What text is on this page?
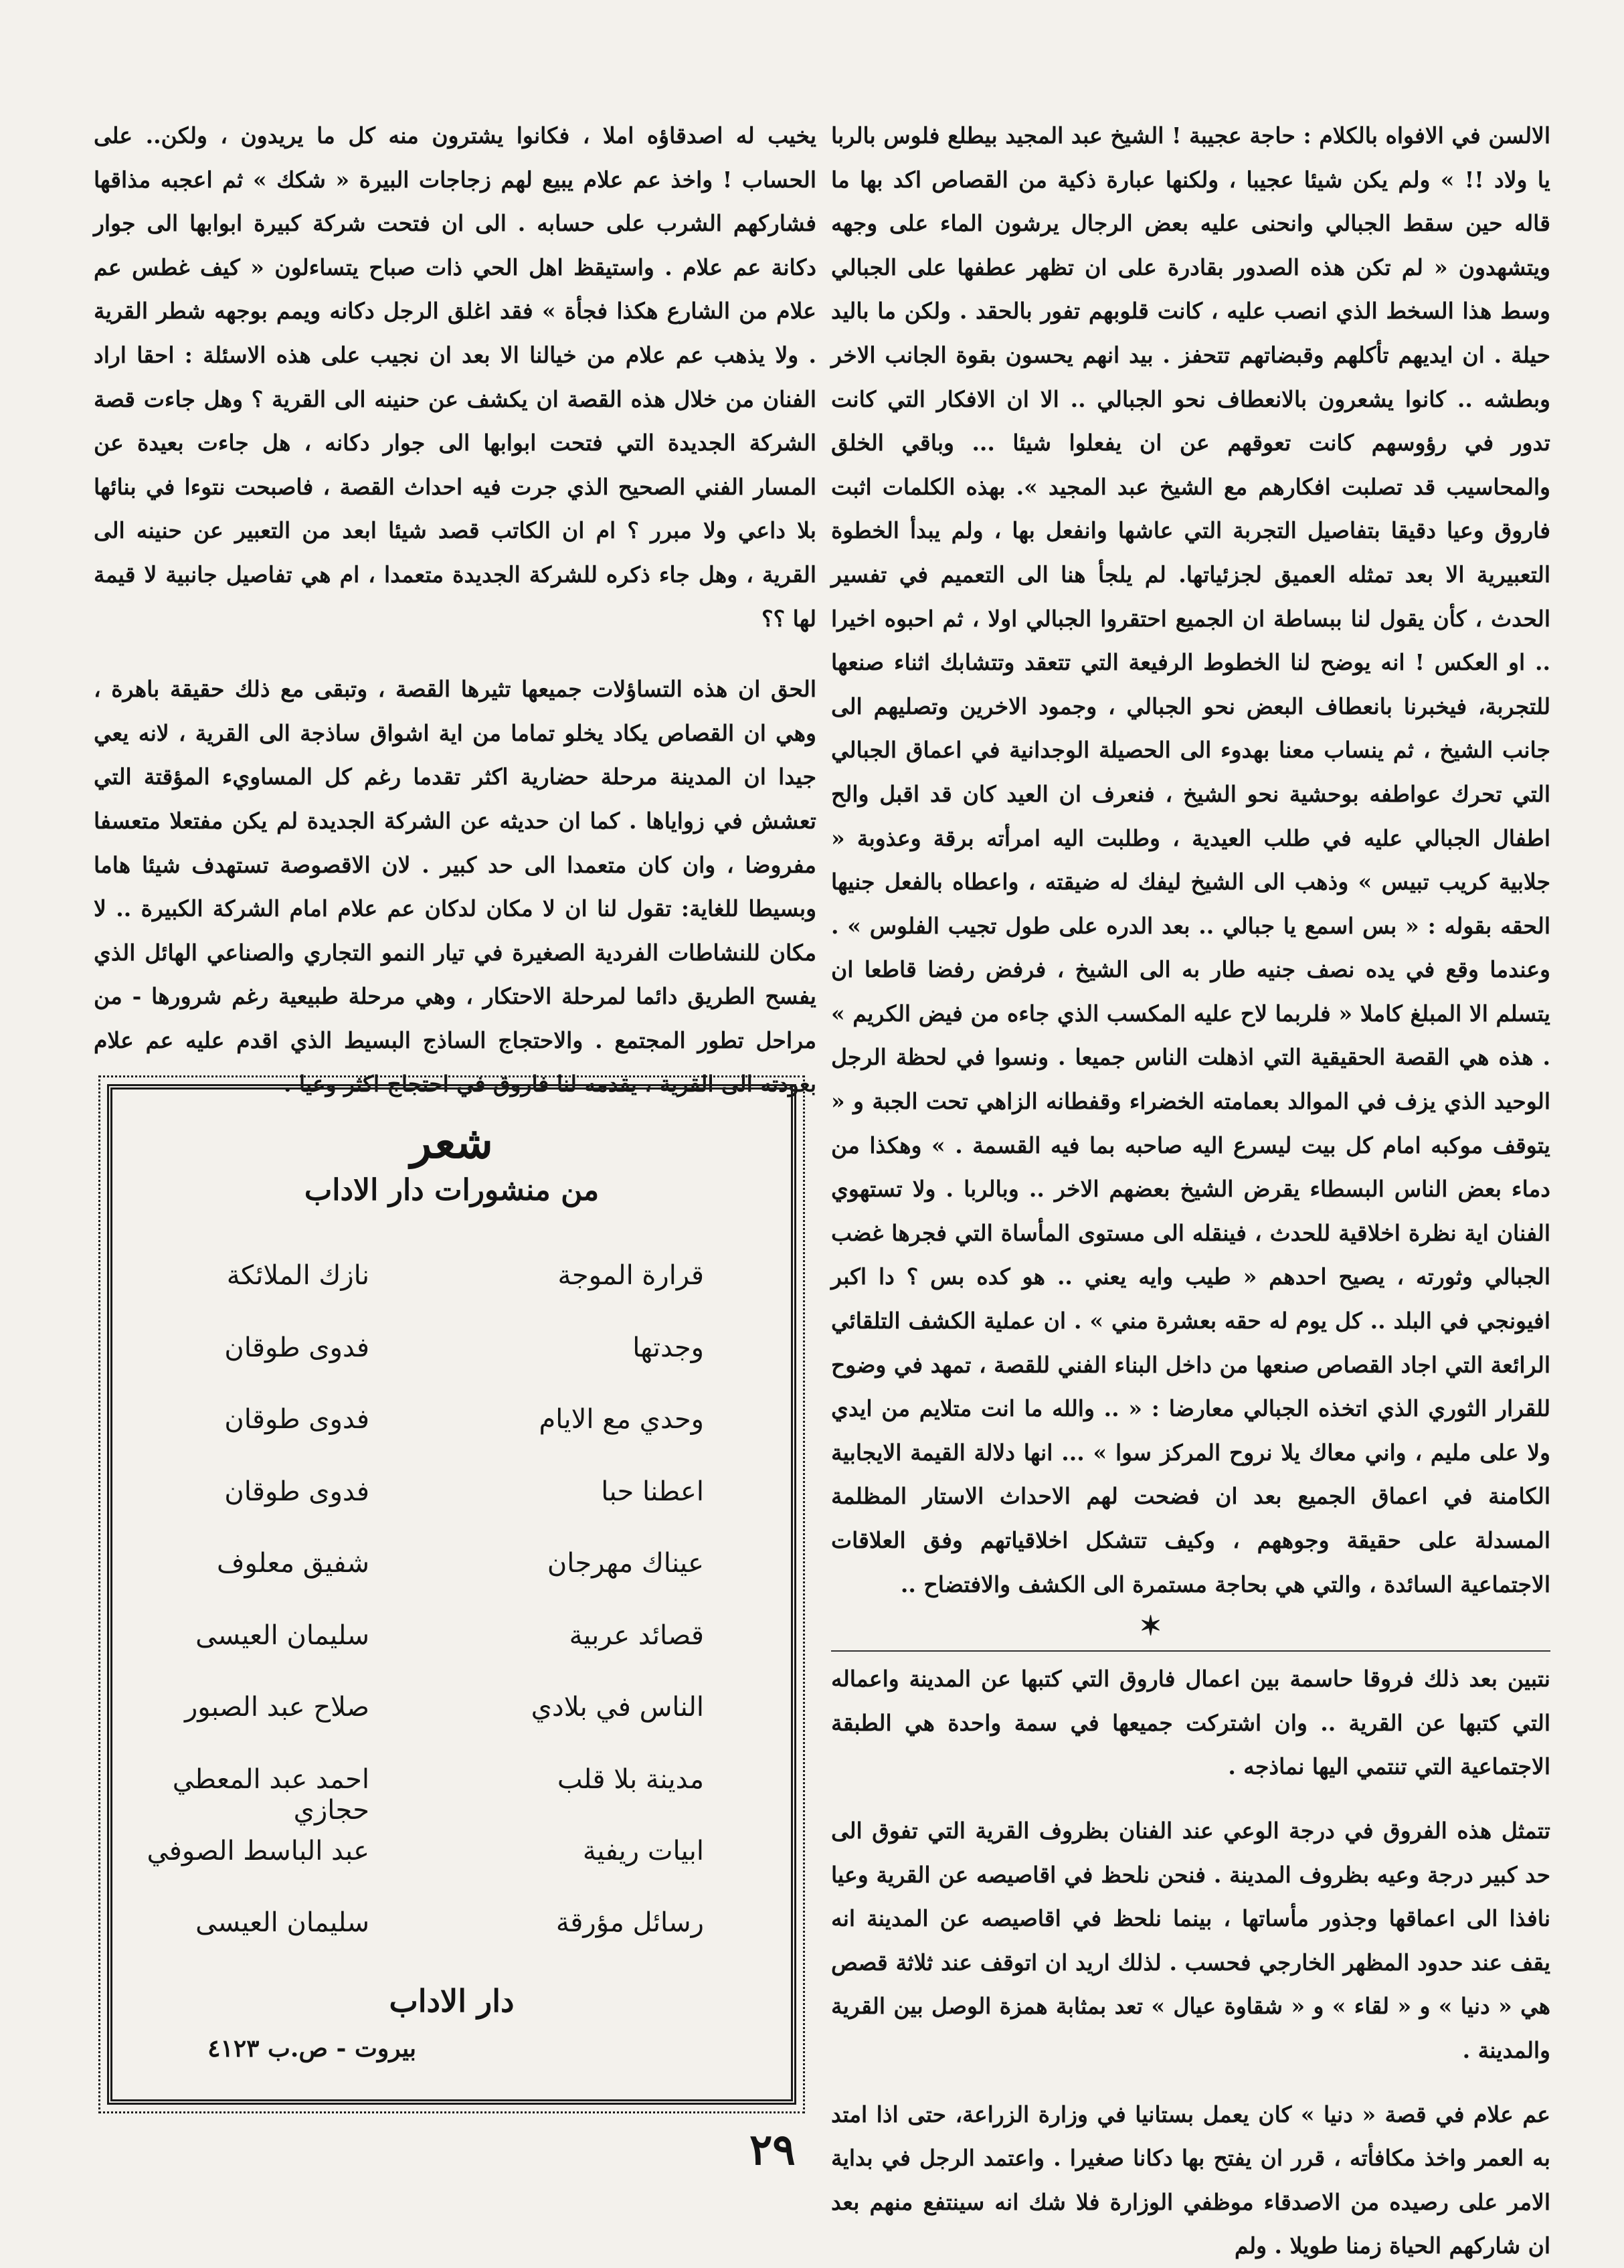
الالسن في الافواه بالكلام : حاجة عجيبة ! الشيخ عبد المجيد بيطلع فلوس بالربا يا ولاد !! » ولم يكن شيئا عجيبا ، ولكنها عبارة ذكية من القصاص اكد بها ما قاله حين سقط الجبالي وانحنى عليه بعض الرجال يرشون الماء على وجهه ويتشهدون « لم تكن هذه الصدور بقادرة على ان تظهر عطفها على الجبالي وسط هذا السخط الذي انصب عليه ، كانت قلوبهم تفور بالحقد . ولكن ما باليد حيلة . ان ايديهم تأكلهم وقبضاتهم تتحفز . بيد انهم يحسون بقوة الجانب الاخر وبطشه .. كانوا يشعرون بالانعطاف نحو الجبالي .. الا ان الافكار التي كانت تدور في رؤوسهم كانت تعوقهم عن ان يفعلوا شيئا ... وباقي الخلق والمحاسيب قد تصلبت افكارهم مع الشيخ عبد المجيد ». بهذه الكلمات اثبت فاروق وعيا دقيقا بتفاصيل التجربة التي عاشها وانفعل بها ، ولم يبدأ الخطوة التعبيرية الا بعد تمثله العميق لجزئياتها. لم يلجأ هنا الى التعميم في تفسير الحدث ، كأن يقول لنا ببساطة ان الجميع احتقروا الجبالي اولا ، ثم احبوه اخيرا .. او العكس ! انه يوضح لنا الخطوط الرفيعة التي تتعقد وتتشابك اثناء صنعها للتجربة، فيخبرنا بانعطاف البعض نحو الجبالي ، وجمود الاخرين وتصليهم الى جانب الشيخ ، ثم ينساب معنا بهدوء الى الحصيلة الوجدانية في اعماق الجبالي التي تحرك عواطفه بوحشية نحو الشيخ ، فنعرف ان العيد كان قد اقبل والح اطفال الجبالي عليه في طلب العيدية ، وطلبت اليه امرأته برقة وعذوبة « جلابية كريب تبيس » وذهب الى الشيخ ليفك له ضيقته ، واعطاه بالفعل جنيها الحقه بقوله : « بس اسمع يا جبالي .. بعد الدره على طول تجيب الفلوس » . وعندما وقع في يده نصف جنيه طار به الى الشيخ ، فرفض رفضا قاطعا ان يتسلم الا المبلغ كاملا « فلربما لاح عليه المكسب الذي جاءه من فيض الكريم » . هذه هي القصة الحقيقية التي اذهلت الناس جميعا . ونسوا في لحظة الرجل الوحيد الذي يزف في الموالد بعمامته الخضراء وقفطانه الزاهي تحت الجبة و « يتوقف موكبه امام كل بيت ليسرع اليه صاحبه بما فيه القسمة . » وهكذا من دماء بعض الناس البسطاء يقرض الشيخ بعضهم الاخر .. وبالربا . ولا تستهوي الفنان اية نظرة اخلاقية للحدث ، فينقله الى مستوى المأساة التي فجرها غضب الجبالي وثورته ، يصيح احدهم « طيب وايه يعني .. هو كده بس ؟ دا اكبر افيونجي في البلد .. كل يوم له حقه بعشرة مني » . ان عملية الكشف التلقائي الرائعة التي اجاد القصاص صنعها من داخل البناء الفني للقصة ، تمهد في وضوح للقرار الثوري الذي اتخذه الجبالي معارضا : « .. والله ما انت متلايم من ايدي ولا على مليم ، واني معاك يلا نروح المركز سوا » ... انها دلالة القيمة الايجابية الكامنة في اعماق الجميع بعد ان فضحت لهم الاحداث الاستار المظلمة المسدلة على حقيقة وجوههم ، وكيف تتشكل اخلاقياتهم وفق العلاقات الاجتماعية السائدة ، والتي هي بحاجة مستمرة الى الكشف والافتضاح ..

✶

نتبين بعد ذلك فروقا حاسمة بين اعمال فاروق التي كتبها عن المدينة واعماله التي كتبها عن القرية .. وان اشتركت جميعها في سمة واحدة هي الطبقة الاجتماعية التي تنتمي اليها نماذجه .

تتمثل هذه الفروق في درجة الوعي عند الفنان بظروف القرية التي تفوق الى حد كبير درجة وعيه بظروف المدينة . فنحن نلحظ في اقاصيصه عن القرية وعيا نافذا الى اعماقها وجذور مأساتها ، بينما نلحظ في اقاصيصه عن المدينة انه يقف عند حدود المظهر الخارجي فحسب . لذلك اريد ان اتوقف عند ثلاثة قصص هي « دنيا » و « لقاء » و « شقاوة عيال » تعد بمثابة همزة الوصل بين القرية والمدينة .

عم علام في قصة « دنيا » كان يعمل بستانيا في وزارة الزراعة، حتى اذا امتد به العمر واخذ مكافأته ، قرر ان يفتح بها دكانا صغيرا . واعتمد الرجل في بداية الامر على رصيده من الاصدقاء موظفي الوزارة فلا شك انه سينتفع منهم بعد ان شاركهم الحياة زمنا طويلا . ولم

يخيب له اصدقاؤه املا ، فكانوا يشترون منه كل ما يريدون ، ولكن.. على الحساب ! واخذ عم علام يبيع لهم زجاجات البيرة « شكك » ثم اعجبه مذاقها فشاركهم الشرب على حسابه . الى ان فتحت شركة كبيرة ابوابها الى جوار دكانة عم علام . واستيقظ اهل الحي ذات صباح يتساءلون « كيف غطس عم علام من الشارع هكذا فجأة » فقد اغلق الرجل دكانه ويمم بوجهه شطر القرية . ولا يذهب عم علام من خيالنا الا بعد ان نجيب على هذه الاسئلة : احقا اراد الفنان من خلال هذه القصة ان يكشف عن حنينه الى القرية ؟ وهل جاءت قصة الشركة الجديدة التي فتحت ابوابها الى جوار دكانه ، هل جاءت بعيدة عن المسار الفني الصحيح الذي جرت فيه احداث القصة ، فاصبحت نتوءا في بنائها بلا داعي ولا مبرر ؟ ام ان الكاتب قصد شيئا ابعد من التعبير عن حنينه الى القرية ، وهل جاء ذكره للشركة الجديدة متعمدا ، ام هي تفاصيل جانبية لا قيمة لها ؟؟

الحق ان هذه التساؤلات جميعها تثيرها القصة ، وتبقى مع ذلك حقيقة باهرة ، وهي ان القصاص يكاد يخلو تماما من اية اشواق ساذجة الى القرية ، لانه يعي جيدا ان المدينة مرحلة حضارية اكثر تقدما رغم كل المساويء المؤقتة التي تعشش في زواياها . كما ان حديثه عن الشركة الجديدة لم يكن مفتعلا متعسفا مفروضا ، وان كان متعمدا الى حد كبير . لان الاقصوصة تستهدف شيئا هاما وبسيطا للغاية: تقول لنا ان لا مكان لدكان عم علام امام الشركة الكبيرة .. لا مكان للنشاطات الفردية الصغيرة في تيار النمو التجاري والصناعي الهائل الذي يفسح الطريق دائما لمرحلة الاحتكار ، وهي مرحلة طبيعية رغم شرورها - من مراحل تطور المجتمع . والاحتجاج الساذج البسيط الذي اقدم عليه عم علام بعودته الى القرية ، يقدمه لنا فاروق في احتجاج اكثر وعيا .

شعر
من منشورات دار الاداب
قرارة الموجة
نازك الملائكة
وجدتها
فدوى طوقان
وحدي مع الايام
فدوى طوقان
اعطنا حبا
فدوى طوقان
عيناك مهرجان
شفيق معلوف
قصائد عربية
سليمان العيسى
الناس في بلادي
صلاح عبد الصبور
مدينة بلا قلب
احمد عبد المعطي حجازي
ابيات ريفية
عبد الباسط الصوفي
رسائل مؤرقة
سليمان العيسى
دار الاداب
بيروت - ص.ب ٤١٢٣
٢٩
